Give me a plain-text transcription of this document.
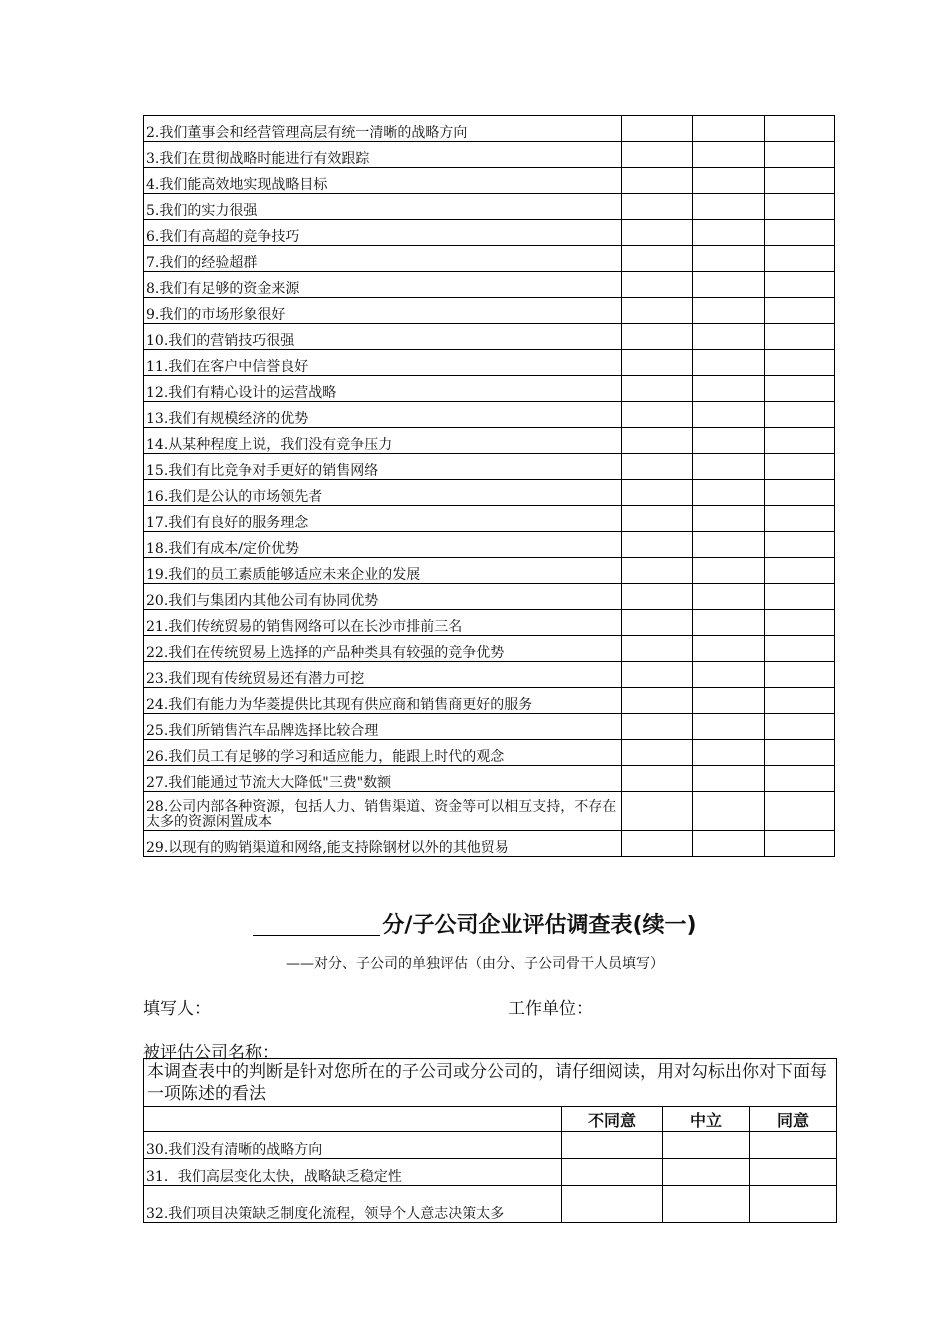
2.我们董事会和经营管理高层有统一清晰的战略方向			
3.我们在贯彻战略时能进行有效跟踪			
4.我们能高效地实现战略目标			
5.我们的实力很强			
6.我们有高超的竞争技巧			
7.我们的经验超群			
8.我们有足够的资金来源			
9.我们的市场形象很好			
10.我们的营销技巧很强			
11.我们在客户中信誉良好			
12.我们有精心设计的运营战略			
13.我们有规模经济的优势			
14.从某种程度上说，我们没有竞争压力			
15.我们有比竞争对手更好的销售网络			
16.我们是公认的市场领先者			
17.我们有良好的服务理念			
18.我们有成本/定价优势			
19.我们的员工素质能够适应未来企业的发展			
20.我们与集团内其他公司有协同优势			
21.我们传统贸易的销售网络可以在长沙市排前三名			
22.我们在传统贸易上选择的产品种类具有较强的竞争优势			
23.我们现有传统贸易还有潜力可挖			
24.我们有能力为华菱提供比其现有供应商和销售商更好的服务			
25.我们所销售汽车品牌选择比较合理			
26.我们员工有足够的学习和适应能力，能跟上时代的观念			
27.我们能通过节流大大降低"三费"数额			
28.公司内部各种资源，包括人力、销售渠道、资金等可以相互支持，不存在太多的资源闲置成本			
29.以现有的购销渠道和网络,能支持除钢材以外的其他贸易			
分/子公司企业评估调查表(续一)
——对分、子公司的单独评估（由分、子公司骨干人员填写）
填写人：	工作单位：
被评估公司名称：
本调查表中的判断是针对您所在的子公司或分公司的，请仔细阅读，用对勾标出你对下面每一项陈述的看法			
	不同意	中立	同意
30.我们没有清晰的战略方向			
31．我们高层变化太快，战略缺乏稳定性			
32.我们项目决策缺乏制度化流程，领导个人意志决策太多			
